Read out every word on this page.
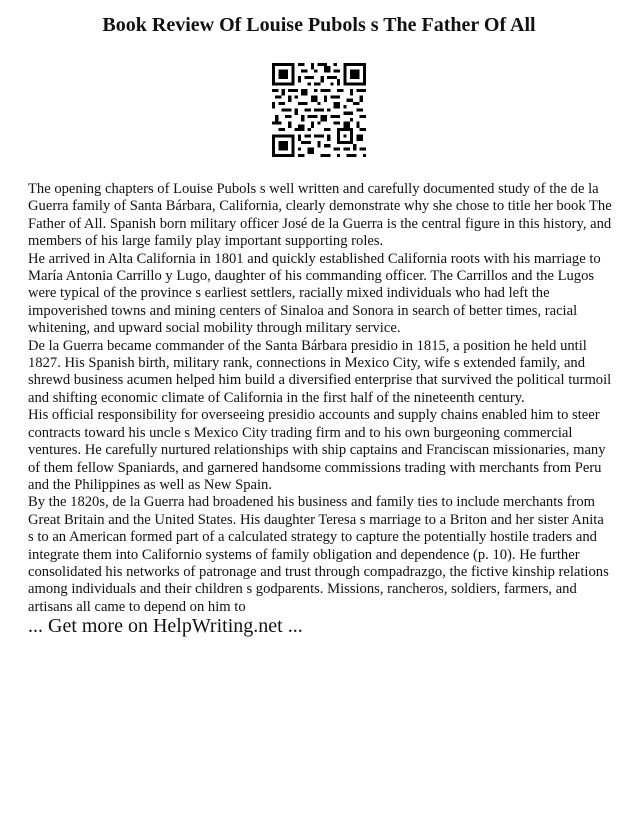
Book Review Of Louise Pubols s The Father Of All

The opening chapters of Louise Pubols s well written and carefully documented study of the de la Guerra family of Santa Bárbara, California, clearly demonstrate why she chose to title her book The Father of All. Spanish born military officer José de la Guerra is the central figure in this history, and members of his large family play important supporting roles.

He arrived in Alta California in 1801 and quickly established California roots with his marriage to María Antonia Carrillo y Lugo, daughter of his commanding officer. The Carrillos and the Lugos were typical of the province s earliest settlers, racially mixed individuals who had left the impoverished towns and mining centers of Sinaloa and Sonora in search of better times, racial whitening, and upward social mobility through military service.

De la Guerra became commander of the Santa Bárbara presidio in 1815, a position he held until 1827. His Spanish birth, military rank, connections in Mexico City, wife s extended family, and shrewd business acumen helped him build a diversified enterprise that survived the political turmoil and shifting economic climate of California in the first half of the nineteenth century.

His official responsibility for overseeing presidio accounts and supply chains enabled him to steer contracts toward his uncle s Mexico City trading firm and to his own burgeoning commercial ventures. He carefully nurtured relationships with ship captains and Franciscan missionaries, many of them fellow Spaniards, and garnered handsome commissions trading with merchants from Peru and the Philippines as well as New Spain.

By the 1820s, de la Guerra had broadened his business and family ties to include merchants from Great Britain and the United States. His daughter Teresa s marriage to a Briton and her sister Anita s to an American formed part of a calculated strategy to capture the potentially hostile traders and integrate them into Californio systems of family obligation and dependence (p. 10). He further consolidated his networks of patronage and trust through compadrazgo, the fictive kinship relations among individuals and their children s godparents. Missions, rancheros, soldiers, farmers, and artisans all came to depend on him to

... Get more on HelpWriting.net ...
